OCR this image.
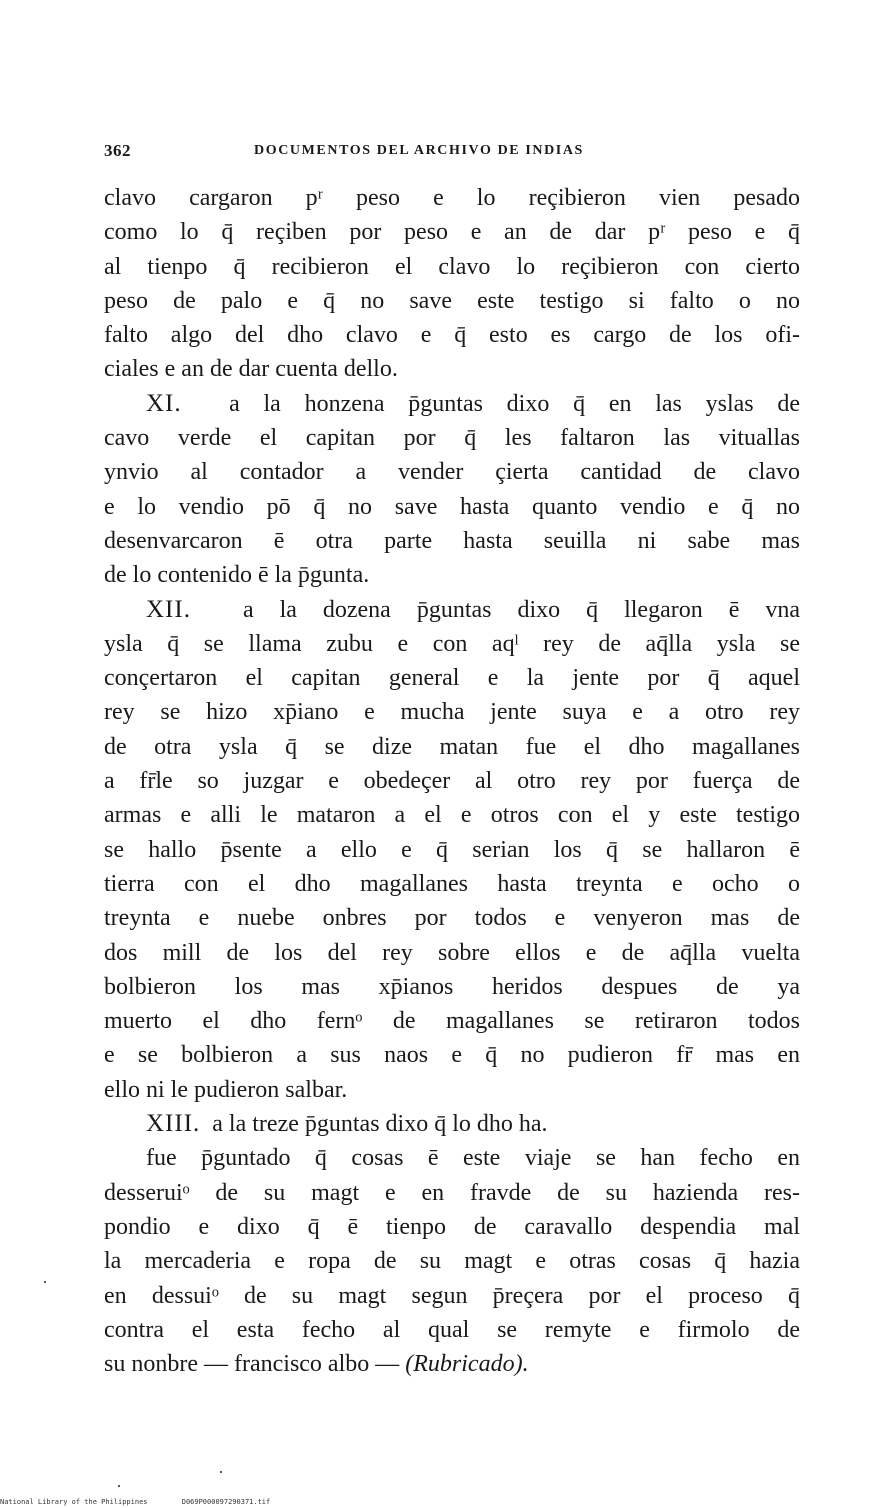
362	DOCUMENTOS DEL ARCHIVO DE INDIAS
clavo cargaron pʳ peso e lo reçibieron vien pesado
como lo q̄ reçiben por peso e an de dar pʳ peso e q̄
al tienpo q̄ recibieron el clavo lo reçibieron con cierto
peso de palo e q̄ no save este testigo si falto o no
falto algo del dho clavo e q̄ esto es cargo de los ofi-
ciales e an de dar cuenta dello.
XI. a la honzena p̄guntas dixo q̄ en las yslas de
cavo verde el capitan por q̄ les faltaron las vituallas
ynvio al contador a vender çierta cantidad de clavo
e lo vendio pō q̄ no save hasta quanto vendio e q̄ no
desenvarcaron ē otra parte hasta seuilla ni sabe mas
de lo contenido ē la p̄gunta.
XII. a la dozena p̄guntas dixo q̄ llegaron ē vna
ysla q̄ se llama zubu e con aqˡ rey de aq̄lla ysla se
conçertaron el capitan general e la jente por q̄ aquel
rey se hizo xp̄iano e mucha jente suya e a otro rey
de otra ysla q̄ se dize matan fue el dho magallanes
a fr̄le so juzgar e obedeçer al otro rey por fuerça de
armas e alli le mataron a el e otros con el y este testigo
se hallo p̄sente a ello e q̄ serian los q̄ se hallaron ē
tierra con el dho magallanes hasta treynta e ocho o
treynta e nuebe onbres por todos e venyeron mas de
dos mill de los del rey sobre ellos e de aq̄lla vuelta
bolbieron los mas xp̄ianos heridos despues de ya
muerto el dho fernᵒ de magallanes se retiraron todos
e se bolbieron a sus naos e q̄ no pudieron fr̄ mas en
ello ni le pudieron salbar.
XIII. a la treze p̄guntas dixo q̄ lo dho ha.
fue p̄guntado q̄ cosas ē este viaje se han fecho en
desseruiᵒ de su magt e en fravde de su hazienda res-
pondio e dixo q̄ ē tienpo de caravallo despendia mal
la mercaderia e ropa de su magt e otras cosas q̄ hazia
en dessuiᵒ de su magt segun p̄reçera por el proceso q̄
contra el esta fecho al qual se remyte e firmolo de
su nonbre — francisco albo — (Rubricado).
National Library of the Philippines	D069P000097290371.tif
